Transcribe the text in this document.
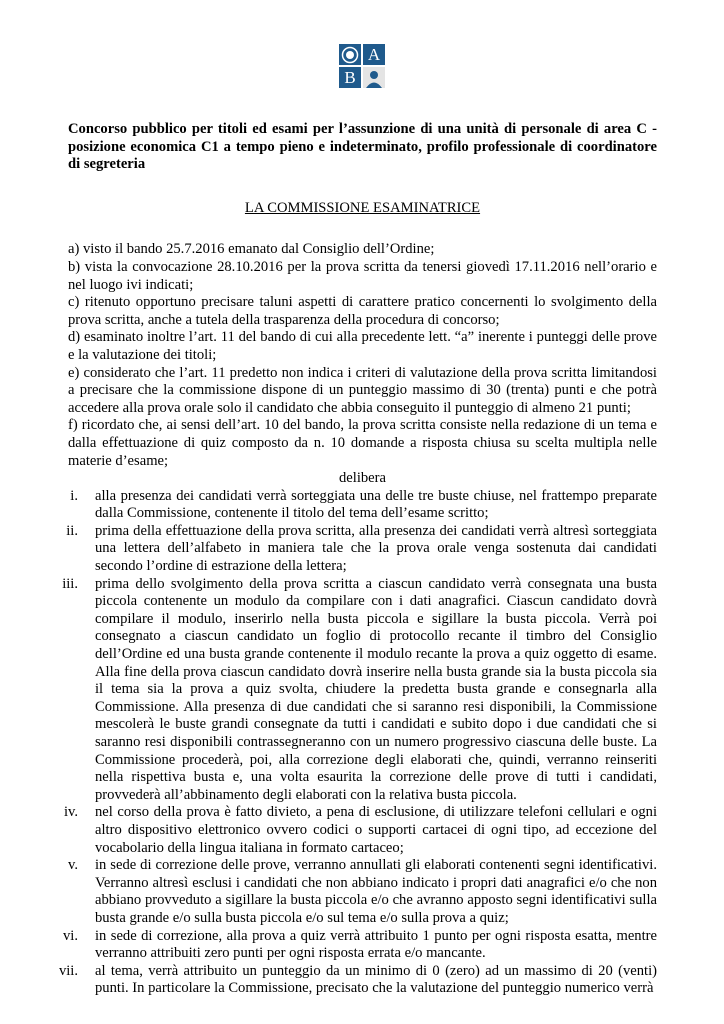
A
B

Concorso pubblico per titoli ed esami per l’assunzione di una unità di personale di area C - posizione economica C1 a tempo pieno e indeterminato, profilo professionale di coordinatore di segreteria

LA COMMISSIONE ESAMINATRICE

a) visto il bando 25.7.2016 emanato dal Consiglio dell’Ordine;

b) vista la convocazione 28.10.2016 per la prova scritta da tenersi giovedì 17.11.2016 nell’orario e nel luogo ivi indicati;

c) ritenuto opportuno precisare taluni aspetti di carattere pratico concernenti lo svolgimento della prova scritta, anche a tutela della trasparenza della procedura di concorso;

d) esaminato inoltre l’art. 11 del bando di cui alla precedente lett. “a” inerente i punteggi delle prove e la valutazione dei titoli;

e) considerato che l’art. 11 predetto non indica i criteri di valutazione della prova scritta limitandosi a precisare che la commissione dispone di un punteggio massimo di 30 (trenta) punti e che potrà accedere alla prova orale solo il candidato che abbia conseguito il punteggio di almeno 21 punti;

f) ricordato che, ai sensi dell’art. 10 del bando, la prova scritta consiste nella redazione di un tema e dalla effettuazione di quiz composto da n. 10 domande a risposta chiusa su scelta multipla nelle materie d’esame;

delibera

i. alla presenza dei candidati verrà sorteggiata una delle tre buste chiuse, nel frattempo preparate dalla Commissione, contenente il titolo del tema dell’esame scritto;
ii. prima della effettuazione della prova scritta, alla presenza dei candidati verrà altresì sorteggiata una lettera dell’alfabeto in maniera tale che la prova orale venga sostenuta dai candidati secondo l’ordine di estrazione della lettera;
iii. prima dello svolgimento della prova scritta a ciascun candidato verrà consegnata una busta piccola contenente un modulo da compilare con i dati anagrafici. Ciascun candidato dovrà compilare il modulo, inserirlo nella busta piccola e sigillare la busta piccola. Verrà poi consegnato a ciascun candidato un foglio di protocollo recante il timbro del Consiglio dell’Ordine ed una busta grande contenente il modulo recante la prova a quiz oggetto di esame. Alla fine della prova ciascun candidato dovrà inserire nella busta grande sia la busta piccola sia il tema sia la prova a quiz svolta, chiudere la predetta busta grande e consegnarla alla Commissione. Alla presenza di due candidati che si saranno resi disponibili, la Commissione mescolerà le buste grandi consegnate da tutti i candidati e subito dopo i due candidati che si saranno resi disponibili contrassegneranno con un numero progressivo ciascuna delle buste. La Commissione procederà, poi, alla correzione degli elaborati che, quindi, verranno reinseriti nella rispettiva busta e, una volta esaurita la correzione delle prove di tutti i candidati, provvederà all’abbinamento degli elaborati con la relativa busta piccola.
iv. nel corso della prova è fatto divieto, a pena di esclusione, di utilizzare telefoni cellulari e ogni altro dispositivo elettronico ovvero codici o supporti cartacei di ogni tipo, ad eccezione del vocabolario della lingua italiana in formato cartaceo;
v. in sede di correzione delle prove, verranno annullati gli elaborati contenenti segni identificativi. Verranno altresì esclusi i candidati che non abbiano indicato i propri dati anagrafici e/o che non abbiano provveduto a sigillare la busta piccola e/o che avranno apposto segni identificativi sulla busta grande e/o sulla busta piccola e/o sul tema e/o sulla prova a quiz;
vi. in sede di correzione, alla prova a quiz verrà attribuito 1 punto per ogni risposta esatta, mentre verranno attribuiti zero punti per ogni risposta errata e/o mancante.
vii. al tema, verrà attribuito un punteggio da un minimo di 0 (zero) ad un massimo di 20 (venti) punti. In particolare la Commissione, precisato che la valutazione del punteggio numerico verrà
